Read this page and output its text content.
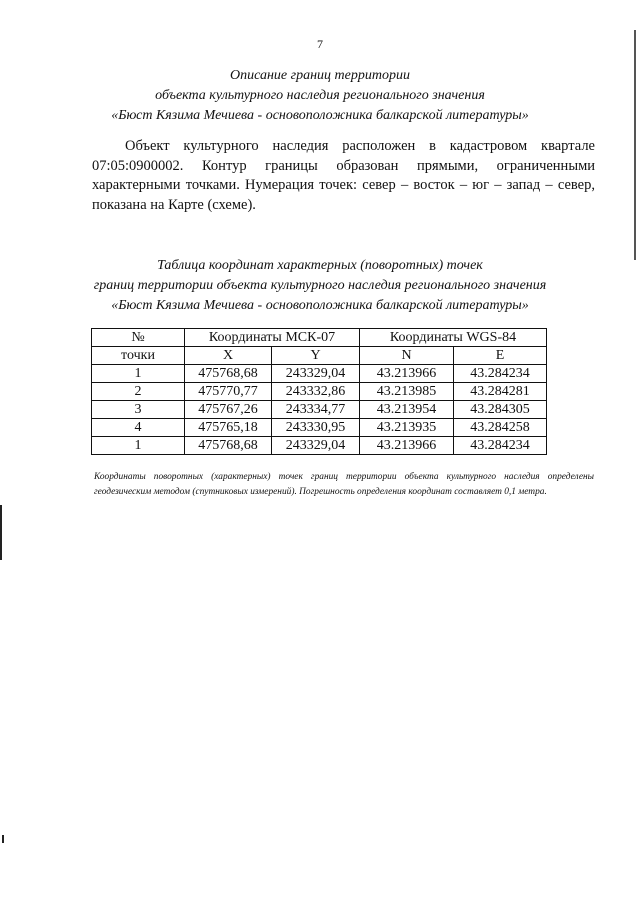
7
Описание границ территории
объекта культурного наследия регионального значения
«Бюст Кязима Мечиева - основоположника балкарской литературы»
Объект культурного наследия расположен в кадастровом квартале 07:05:0900002. Контур границы образован прямыми, ограниченными характерными точками. Нумерация точек: север – восток – юг – запад – север, показана на Карте (схеме).
Таблица координат характерных (поворотных) точек
границ территории объекта культурного наследия регионального значения
«Бюст Кязима Мечиева - основоположника балкарской литературы»
№	Координаты МСК-07		Координаты WGS-84	
точки	X	Y	N	E
1	475768,68	243329,04	43.213966	43.284234
2	475770,77	243332,86	43.213985	43.284281
3	475767,26	243334,77	43.213954	43.284305
4	475765,18	243330,95	43.213935	43.284258
1	475768,68	243329,04	43.213966	43.284234
Координаты поворотных (характерных) точек границ территории объекта культурного наследия определены геодезическим методом (спутниковых измерений). Погрешность определения координат составляет 0,1 метра.
